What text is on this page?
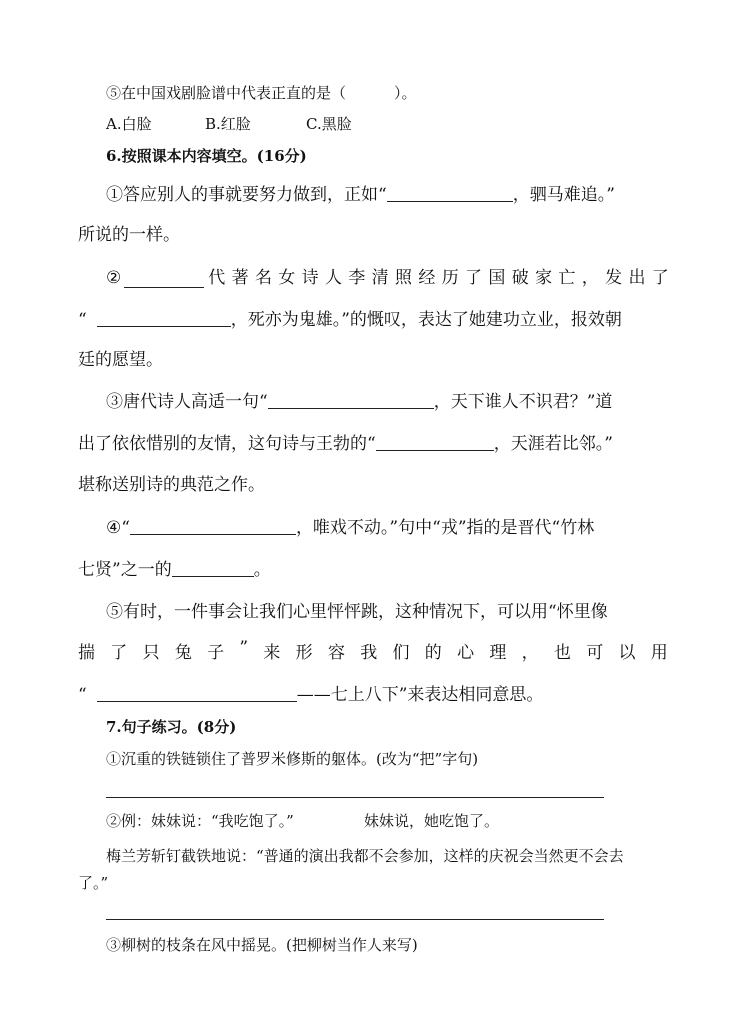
⑤在中国戏剧脸谱中代表正直的是（	）。
A.白脸	B.红脸	C.黑脸
6.按照课本内容填空。(16分)
①答应别人的事就要努力做到，正如“	，驷马难追。”
所说的一样。
②	代 著 名 女 诗 人 李 清 照 经 历 了 国 破 家 亡 ， 发 出 了
“	，死亦为鬼雄。”的慨叹，表达了她建功立业，报效朝
廷的愿望。
③唐代诗人高适一句“	，天下谁人不识君？”道
出了依依惜别的友情，这句诗与王勃的“	，天涯若比邻。”
堪称送别诗的典范之作。
④“	，唯戏不动。”句中“戎”指的是晋代“竹林
七贤”之一的	。
⑤有时，一件事会让我们心里怦怦跳，这种情况下，可以用“怀里像
揣 了 只 兔 子 ” 来 形 容 我 们 的 心 理 ， 也 可 以 用
“	——七上八下”来表达相同意思。
7.句子练习。(8分)
①沉重的铁链锁住了普罗米修斯的躯体。(改为“把”字句)
②例：妹妹说：“我吃饱了。”	妹妹说，她吃饱了。
梅兰芳斩钉截铁地说：“普通的演出我都不会参加，这样的庆祝会当然更不会去
了。”
③柳树的枝条在风中摇晃。(把柳树当作人来写)
